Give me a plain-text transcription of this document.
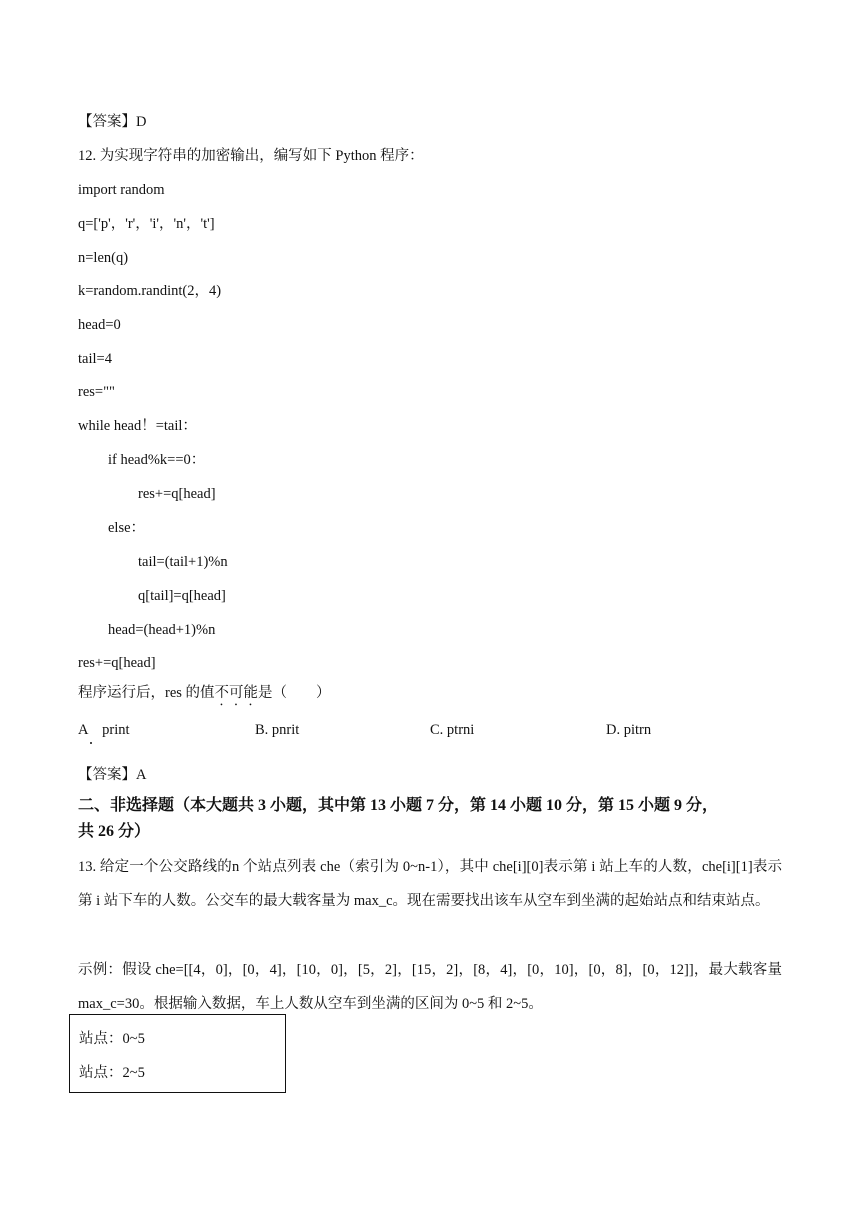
【答案】D
12. 为实现字符串的加密输出，编写如下 Python 程序：
import random
q=['p'，'r'，'i'，'n'，'t']
n=len(q)
k=random.randint(2，4)
head=0
tail=4
res=""
while head！=tail：
if head%k==0：
res+=q[head]
else：
tail=(tail+1)%n
q[tail]=q[head]
head=(head+1)%n
res+=q[head]
程序运行后，res 的值不可能是（　　）
A　print	B. pnrit	C. ptrni	D. pitrn
【答案】A
二、非选择题（本大题共 3 小题，其中第 13 小题 7 分，第 14 小题 10 分，第 15 小题 9 分，
共 26 分）
13. 给定一个公交路线的n 个站点列表 che（索引为 0~n-1），其中 che[i][0]表示第 i 站上车的人数，che[i][1]表示第 i 站下车的人数。公交车的最大载客量为 max_c。现在需要找出该车从空车到坐满的起始站点和结束站点。
示例：假设 che=[[4，0]，[0，4]，[10，0]，[5，2]，[15，2]，[8，4]，[0，10]，[0，8]，[0，12]]，最大载客量 max_c=30。根据输入数据，车上人数从空车到坐满的区间为 0~5 和 2~5。
站点：0~5
站点：2~5
